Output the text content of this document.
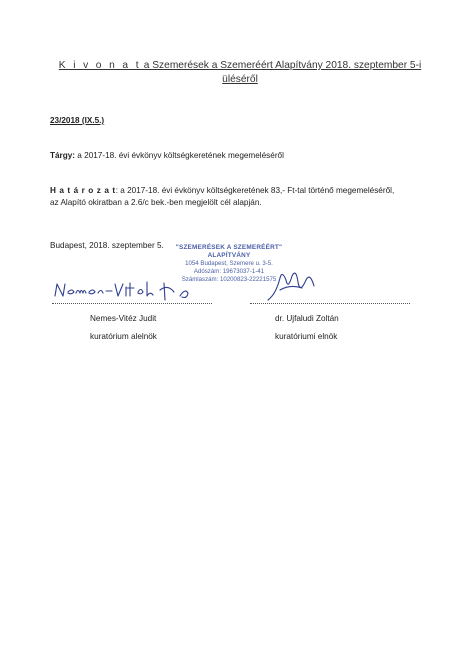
K i v o n a t a Szemerések a Szemeréért Alapítvány 2018. szeptember 5-i
üléséről
23/2018 (IX.5.)
Tárgy: a 2017-18. évi évkönyv költségkeretének megemeléséről
H a t á r o z a t: a 2017-18. évi évkönyv költségkeretének 83,- Ft-tal történő megemeléséről,
az Alapító okiratban a 2.6/c bek.-ben megjelölt cél alapján.
Budapest, 2018. szeptember 5.	"SZEMERÉSEK A SZEMERÉÉRT"
ALAPÍTVÁNY
1054 Budapest, Szemere u. 3-5.
Adószám: 19673037-1-41
Számlaszám: 10200823-22221575
Nemes-Vitéz Judit
kuratórium alelnök
dr. Ujfaludi Zoltán
kuratóriumi elnök
